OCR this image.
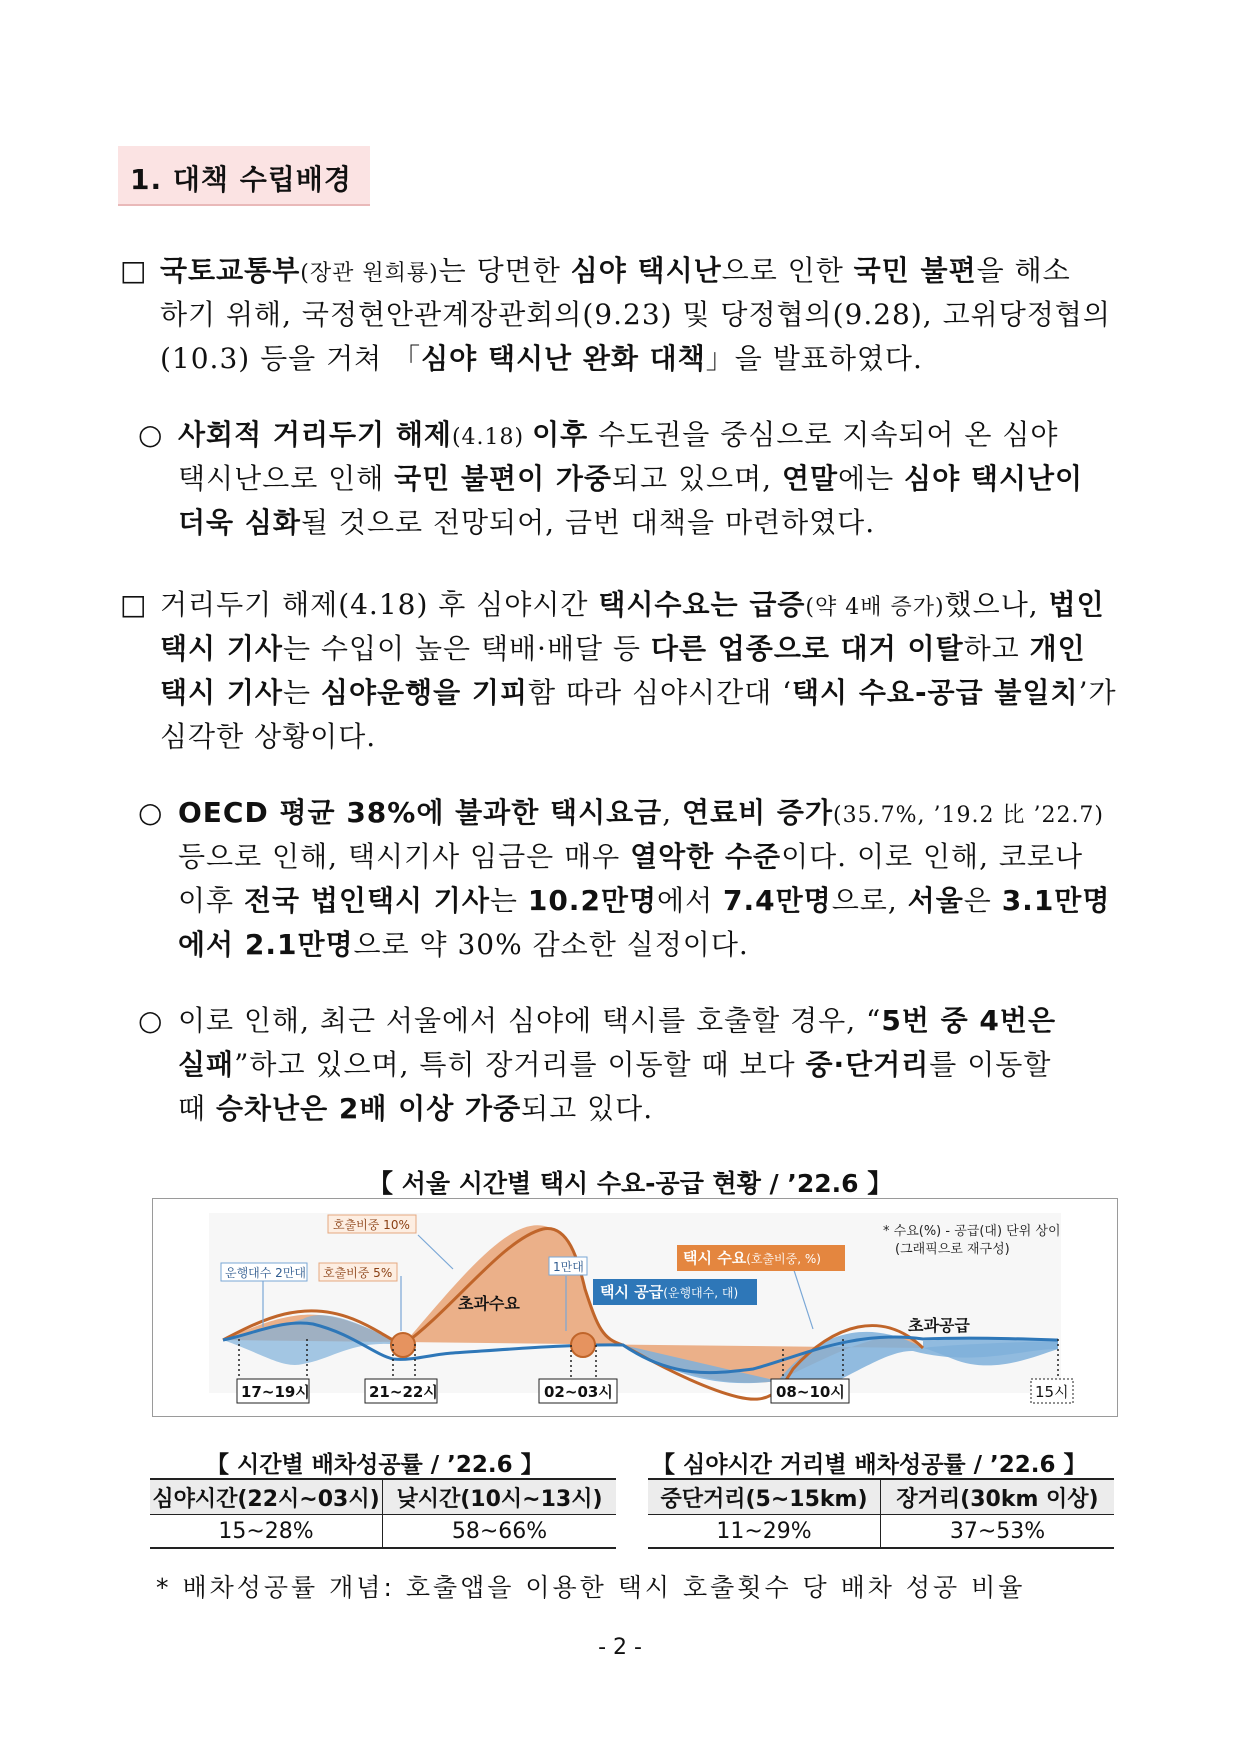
1. 대책 수립배경
□ 국토교통부(장관 원희룡)는 당면한 심야 택시난으로 인한 국민 불편을 해소
하기 위해, 국정현안관계장관회의(9.23) 및 당정협의(9.28), 고위당정협의
(10.3) 등을 거쳐 「심야 택시난 완화 대책」을 발표하였다.
○ 사회적 거리두기 해제(4.18) 이후 수도권을 중심으로 지속되어 온 심야
택시난으로 인해 국민 불편이 가중되고 있으며, 연말에는 심야 택시난이
더욱 심화될 것으로 전망되어, 금번 대책을 마련하였다.
□ 거리두기 해제(4.18) 후 심야시간 택시수요는 급증(약 4배 증가)했으나, 법인
택시 기사는 수입이 높은 택배·배달 등 다른 업종으로 대거 이탈하고 개인
택시 기사는 심야운행을 기피함 따라 심야시간대 ‘택시 수요-공급 불일치’가
심각한 상황이다.
○ OECD 평균 38%에 불과한 택시요금, 연료비 증가(35.7%, ’19.2 比 ’22.7)
등으로 인해, 택시기사 임금은 매우 열악한 수준이다. 이로 인해, 코로나
이후 전국 법인택시 기사는 10.2만명에서 7.4만명으로, 서울은 3.1만명
에서 2.1만명으로 약 30% 감소한 실정이다.
○ 이로 인해, 최근 서울에서 심야에 택시를 호출할 경우, “5번 중 4번은
실패”하고 있으며, 특히 장거리를 이동할 때 보다 중·단거리를 이동할
때 승차난은 2배 이상 가중되고 있다.
【 서울 시간별 택시 수요-공급 현황 / ’22.6 】
운행대수 2만대 호출비중 5%
호출비중 10%
1만대
초과수요
초과공급
택시 수요(호출비중, %)
택시 공급(운행대수, 대)
* 수요(%) - 공급(대) 단위 상이
(그래픽으로 재구성)
17~19시	21~22시	02~03시	08~10시	15시
【 시간별 배차성공률 / ’22.6 】	【 심야시간 거리별 배차성공률 / ’22.6 】
심야시간(22시~03시)	낮시간(10시~13시)
15~28%	58~66%
중단거리(5~15km)	장거리(30km 이상)
11~29%	37~53%
* 배차성공률 개념: 호출앱을 이용한 택시 호출횟수 당 배차 성공 비율
- 2 -
